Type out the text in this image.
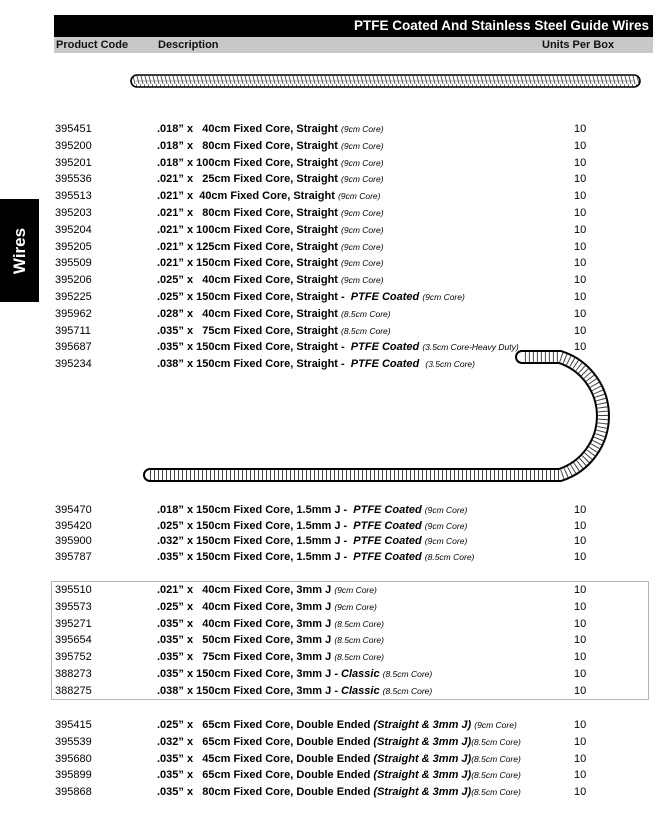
PTFE Coated And Stainless Steel Guide Wires
Product Code	Description	Units Per Box
Wires
395451	.018” x   40cm Fixed Core, Straight (9cm Core)	10
395200	.018” x   80cm Fixed Core, Straight (9cm Core)	10
395201	.018” x 100cm Fixed Core, Straight (9cm Core)	10
395536	.021” x   25cm Fixed Core, Straight (9cm Core)	10
395513	.021” x  40cm Fixed Core, Straight (9cm Core)	10
395203	.021” x   80cm Fixed Core, Straight (9cm Core)	10
395204	.021” x 100cm Fixed Core, Straight (9cm Core)	10
395205	.021” x 125cm Fixed Core, Straight (9cm Core)	10
395509	.021” x 150cm Fixed Core, Straight (9cm Core)	10
395206	.025” x   40cm Fixed Core, Straight (9cm Core)	10
395225	.025” x 150cm Fixed Core, Straight -  PTFE Coated (9cm Core)	10
395962	.028” x   40cm Fixed Core, Straight (8.5cm Core)	10
395711	.035” x   75cm Fixed Core, Straight (8.5cm Core)	10
395687	.035” x 150cm Fixed Core, Straight -  PTFE Coated (3.5cm Core-Heavy Duty)	10
395234	.038” x 150cm Fixed Core, Straight -  PTFE Coated  (3.5cm Core)
395470	.018” x 150cm Fixed Core, 1.5mm J -  PTFE Coated (9cm Core)	10
395420	.025” x 150cm Fixed Core, 1.5mm J -  PTFE Coated (9cm Core)	10
395900	.032” x 150cm Fixed Core, 1.5mm J -  PTFE Coated (9cm Core)	10
395787	.035” x 150cm Fixed Core, 1.5mm J -  PTFE Coated (8.5cm Core)	10
395510	.021” x   40cm Fixed Core, 3mm J (9cm Core)	10
395573	.025” x   40cm Fixed Core, 3mm J (9cm Core)	10
395271	.035” x   40cm Fixed Core, 3mm J (8.5cm Core)	10
395654	.035” x   50cm Fixed Core, 3mm J (8.5cm Core)	10
395752	.035” x   75cm Fixed Core, 3mm J (8.5cm Core)	10
388273	.035” x 150cm Fixed Core, 3mm J - Classic (8.5cm Core)	10
388275	.038” x 150cm Fixed Core, 3mm J - Classic (8.5cm Core)	10
395415	.025” x   65cm Fixed Core, Double Ended (Straight & 3mm J) (9cm Core)	10
395539	.032” x   65cm Fixed Core, Double Ended (Straight & 3mm J)(8.5cm Core)	10
395680	.035” x   45cm Fixed Core, Double Ended (Straight & 3mm J)(8.5cm Core)	10
395899	.035” x   65cm Fixed Core, Double Ended (Straight & 3mm J)(8.5cm Core)	10
395868	.035” x   80cm Fixed Core, Double Ended (Straight & 3mm J)(8.5cm Core)	10
